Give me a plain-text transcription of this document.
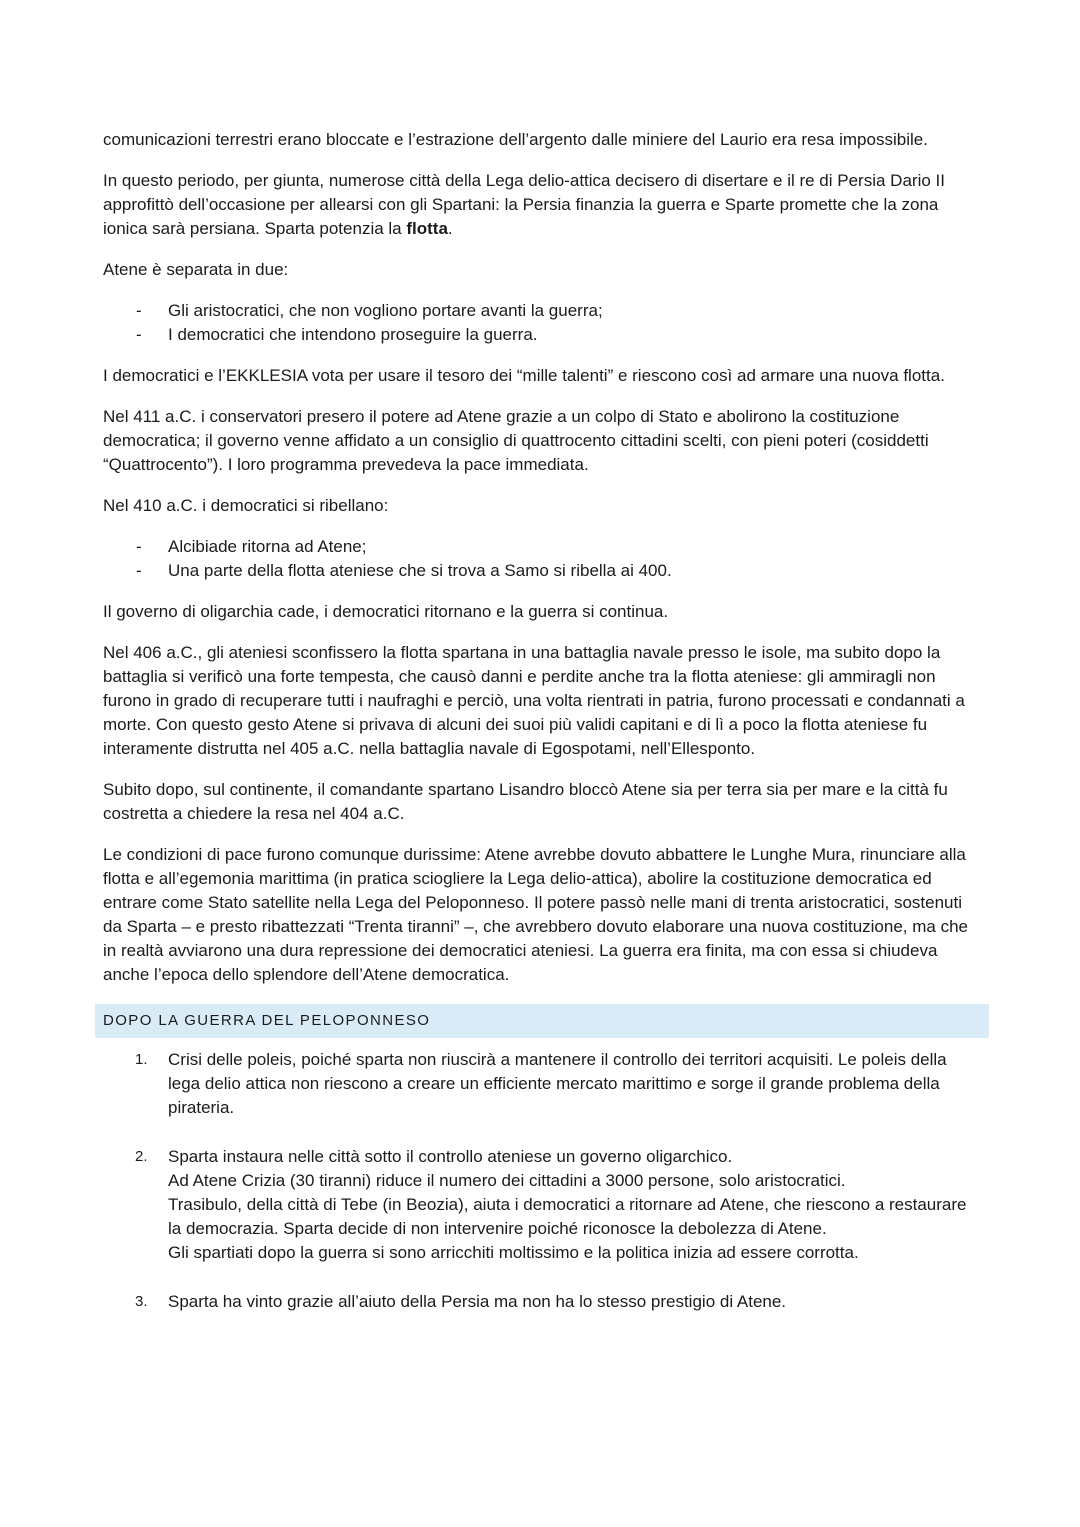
comunicazioni terrestri erano bloccate e l’estrazione dell’argento dalle miniere del Laurio era resa impossibile.

In questo periodo, per giunta, numerose città della Lega delio-attica decisero di disertare e il re di Persia Dario II approfittò dell’occasione per allearsi con gli Spartani: la Persia finanzia la guerra e Sparte promette che la zona ionica sarà persiana. Sparta potenzia la flotta.

Atene è separata in due:

- Gli aristocratici, che non vogliono portare avanti la guerra;
- I democratici che intendono proseguire la guerra.

I democratici e l’EKKLESIA vota per usare il tesoro dei “mille talenti” e riescono così ad armare una nuova flotta.

Nel 411 a.C. i conservatori presero il potere ad Atene grazie a un colpo di Stato e abolirono la costituzione democratica; il governo venne affidato a un consiglio di quattrocento cittadini scelti, con pieni poteri (cosiddetti “Quattrocento”). I loro programma prevedeva la pace immediata.

Nel 410 a.C. i democratici si ribellano:

- Alcibiade ritorna ad Atene;
- Una parte della flotta ateniese che si trova a Samo si ribella ai 400.

Il governo di oligarchia cade, i democratici ritornano e la guerra si continua.

Nel 406 a.C., gli ateniesi sconfissero la flotta spartana in una battaglia navale presso le isole, ma subito dopo la battaglia si verificò una forte tempesta, che causò danni e perdite anche tra la flotta ateniese: gli ammiragli non furono in grado di recuperare tutti i naufraghi e perciò, una volta rientrati in patria, furono processati e condannati a morte. Con questo gesto Atene si privava di alcuni dei suoi più validi capitani e di lì a poco la flotta ateniese fu interamente distrutta nel 405 a.C. nella battaglia navale di Egospotami, nell’Ellesponto.

Subito dopo, sul continente, il comandante spartano Lisandro bloccò Atene sia per terra sia per mare e la città fu costretta a chiedere la resa nel 404 a.C.

Le condizioni di pace furono comunque durissime: Atene avrebbe dovuto abbattere le Lunghe Mura, rinunciare alla flotta e all’egemonia marittima (in pratica sciogliere la Lega delio-attica), abolire la costituzione democratica ed entrare come Stato satellite nella Lega del Peloponneso. Il potere passò nelle mani di trenta aristocratici, sostenuti da Sparta – e presto ribattezzati “Trenta tiranni” –, che avrebbero dovuto elaborare una nuova costituzione, ma che in realtà avviarono una dura repressione dei democratici ateniesi. La guerra era finita, ma con essa si chiudeva anche l’epoca dello splendore dell’Atene democratica.

DOPO LA GUERRA DEL PELOPONNESO
1. Crisi delle poleis, poiché sparta non riuscirà a mantenere il controllo dei territori acquisiti. Le poleis della lega delio attica non riescono a creare un efficiente mercato marittimo e sorge il grande problema della pirateria.
2. Sparta instaura nelle città sotto il controllo ateniese un governo oligarchico.
Ad Atene Crizia (30 tiranni) riduce il numero dei cittadini a 3000 persone, solo aristocratici.
Trasibulo, della città di Tebe (in Beozia), aiuta i democratici a ritornare ad Atene, che riescono a restaurare la democrazia. Sparta decide di non intervenire poiché riconosce la debolezza di Atene.
Gli spartiati dopo la guerra si sono arricchiti moltissimo e la politica inizia ad essere corrotta.
3. Sparta ha vinto grazie all’aiuto della Persia ma non ha lo stesso prestigio di Atene.
